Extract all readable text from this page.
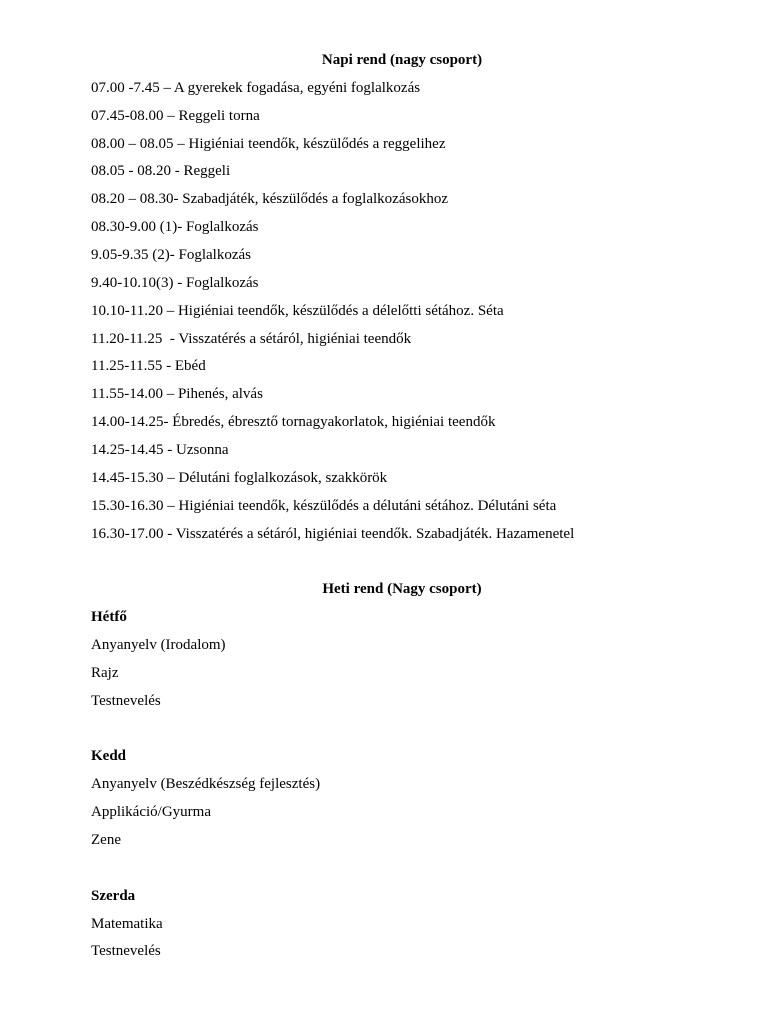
Napi rend (nagy csoport)
07.00 -7.45 – A gyerekek fogadása, egyéni foglalkozás
07.45-08.00 – Reggeli torna
08.00 – 08.05 – Higiéniai teendők, készülődés a reggelihez
08.05 - 08.20 - Reggeli
08.20 – 08.30- Szabadjáték, készülődés a foglalkozásokhoz
08.30-9.00 (1)- Foglalkozás
9.05-9.35 (2)- Foglalkozás
9.40-10.10(3) - Foglalkozás
10.10-11.20 – Higiéniai teendők, készülődés a délelőtti sétához. Séta
11.20-11.25  - Visszatérés a sétáról, higiéniai teendők
11.25-11.55 - Ebéd
11.55-14.00 – Pihenés, alvás
14.00-14.25- Ébredés, ébresztő tornagyakorlatok, higiéniai teendők
14.25-14.45 - Uzsonna
14.45-15.30 – Délutáni foglalkozások, szakkörök
15.30-16.30 – Higiéniai teendők, készülődés a délutáni sétához. Délutáni séta
16.30-17.00 - Visszatérés a sétáról, higiéniai teendők. Szabadjáték. Hazamenetel
Heti rend (Nagy csoport)
Hétfő
Anyanyelv (Irodalom)
Rajz
Testnevelés
Kedd
Anyanyelv (Beszédkészség fejlesztés)
Applikáció/Gyurma
Zene
Szerda
Matematika
Testnevelés
